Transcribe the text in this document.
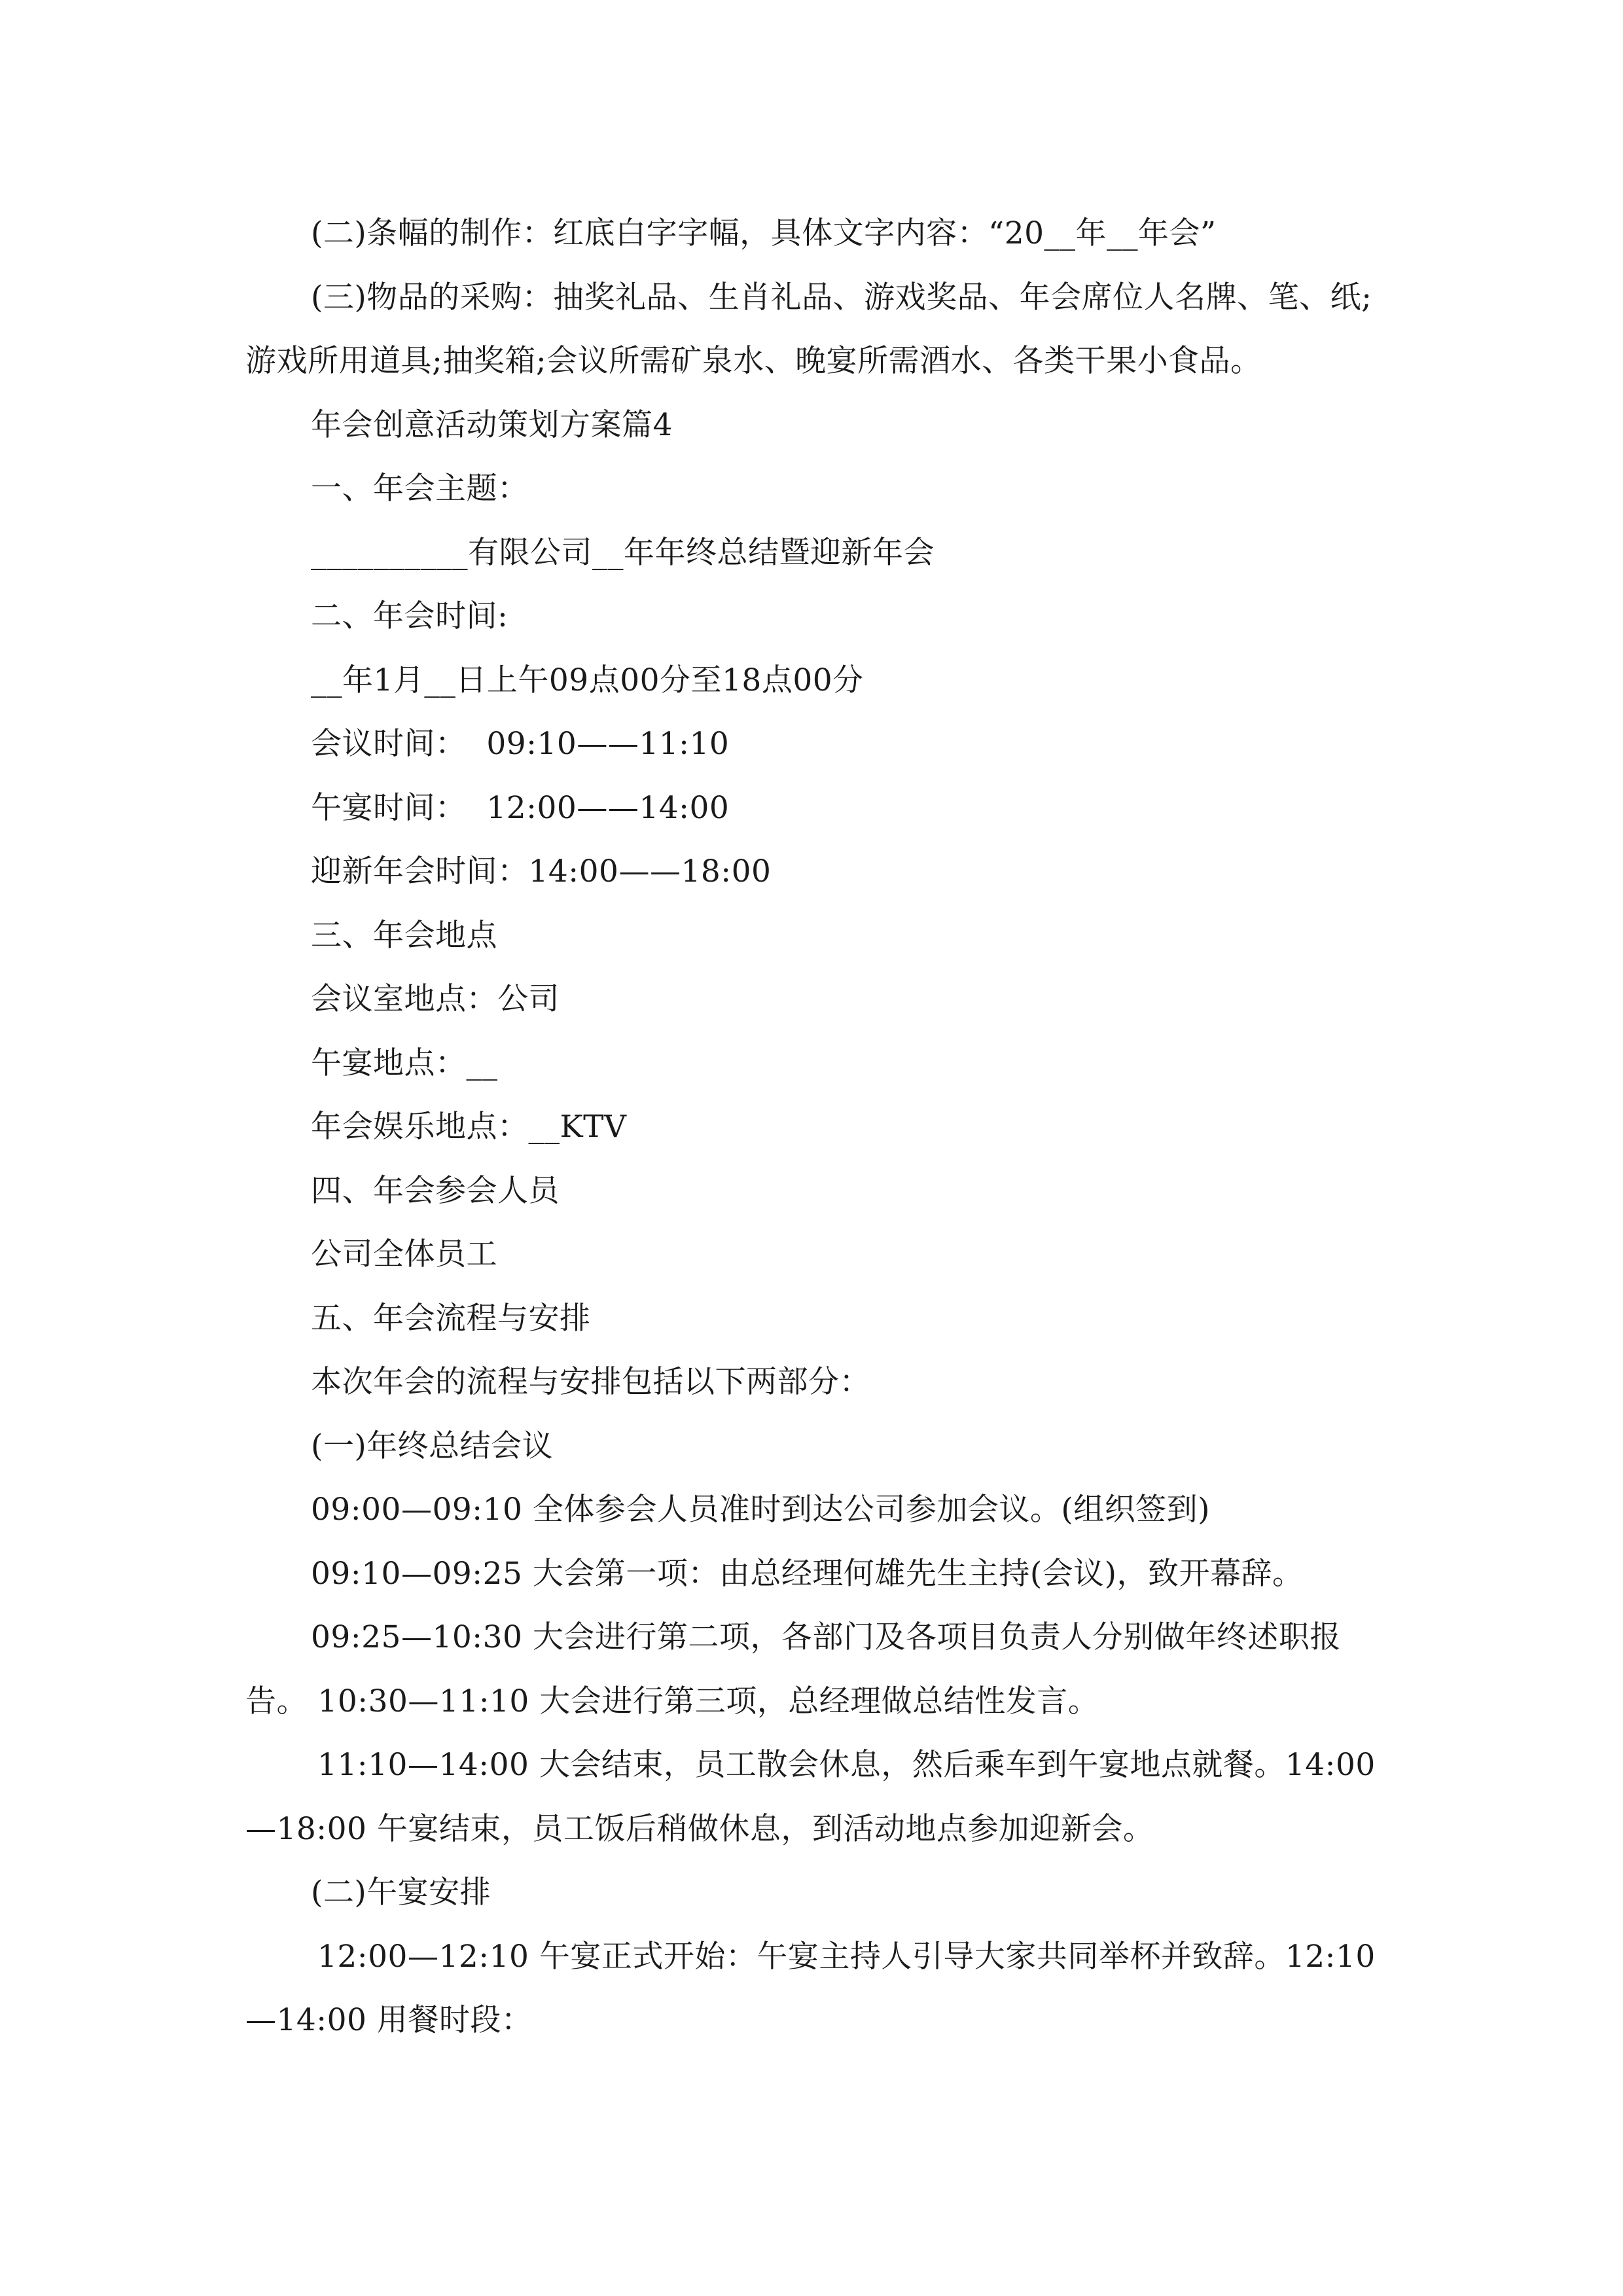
(二)条幅的制作：红底白字字幅，具体文字内容：“20__年__年会”

(三)物品的采购：抽奖礼品、生肖礼品、游戏奖品、年会席位人名牌、笔、纸;游戏所用道具;抽奖箱;会议所需矿泉水、晚宴所需酒水、各类干果小食品。

年会创意活动策划方案篇4

一、年会主题：

__________有限公司__年年终总结暨迎新年会

二、年会时间:

__年1月__日上午09点00分至18点00分

会议时间：  09:10——11:10

午宴时间：  12:00——14:00

迎新年会时间：14:00——18:00

三、年会地点

会议室地点：公司

午宴地点：__

年会娱乐地点：__KTV

四、年会参会人员

公司全体员工

五、年会流程与安排

本次年会的流程与安排包括以下两部分：

(一)年终总结会议

09:00—09:10 全体参会人员准时到达公司参加会议。(组织签到)

09:10—09:25 大会第一项：由总经理何雄先生主持(会议)，致开幕辞。

09:25—10:30 大会进行第二项，各部门及各项目负责人分别做年终述职报告。 10:30—11:10 大会进行第三项，总经理做总结性发言。

11:10—14:00 大会结束，员工散会休息，然后乘车到午宴地点就餐。14:00—18:00 午宴结束，员工饭后稍做休息，到活动地点参加迎新会。

(二)午宴安排

12:00—12:10 午宴正式开始：午宴主持人引导大家共同举杯并致辞。12:10—14:00 用餐时段：
